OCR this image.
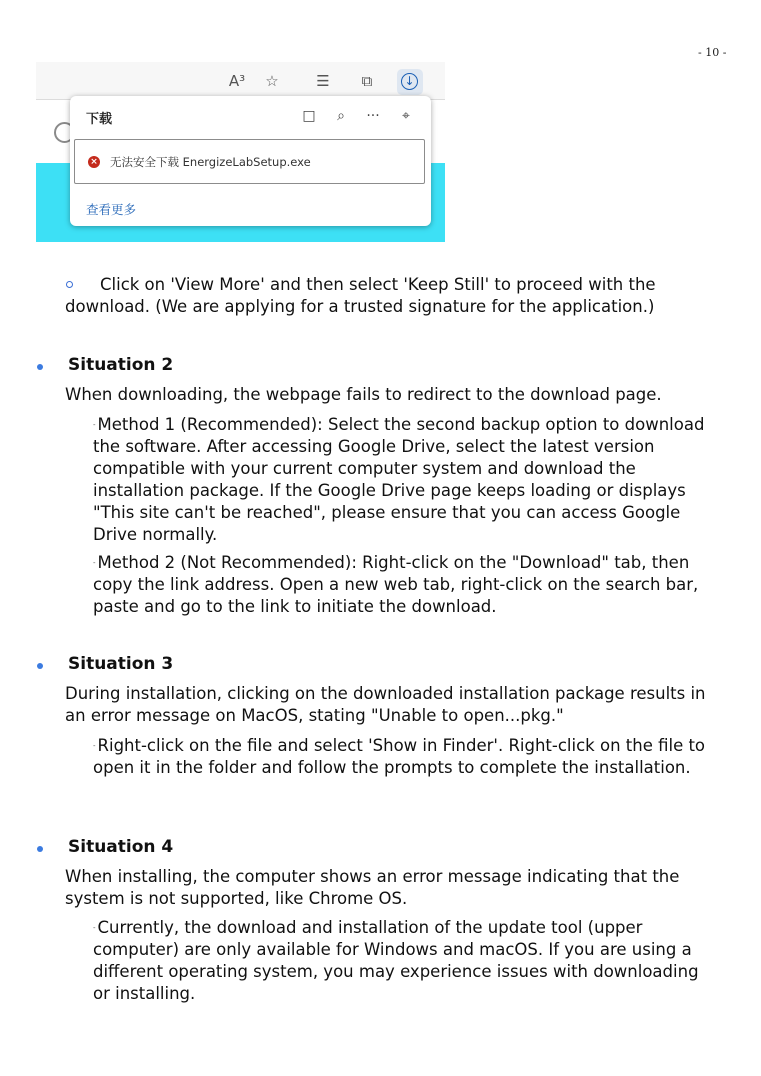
- 10 -
A³ ☆	☰	⧉	↓
下载	□	⌕	···	⌖
× 无法安全下载 EnergizeLabSetup.exe
查看更多
Click on 'View More' and then select 'Keep Still' to proceed with the download. (We are applying for a trusted signature for the application.)
Situation 2
When downloading, the webpage fails to redirect to the download page.
- Method 1 (Recommended): Select the second backup option to download the software. After accessing Google Drive, select the latest version compatible with your current computer system and download the installation package. If the Google Drive page keeps loading or displays "This site can't be reached", please ensure that you can access Google Drive normally.
- Method 2 (Not Recommended): Right-click on the "Download" tab, then copy the link address. Open a new web tab, right-click on the search bar, paste and go to the link to initiate the download.
Situation 3
During installation, clicking on the downloaded installation package results in an error message on MacOS, stating "Unable to open...pkg."
- Right-click on the file and select 'Show in Finder'. Right-click on the file to open it in the folder and follow the prompts to complete the installation.
Situation 4
When installing, the computer shows an error message indicating that the system is not supported, like Chrome OS.
- Currently, the download and installation of the update tool (upper computer) are only available for Windows and macOS. If you are using a different operating system, you may experience issues with downloading or installing.
